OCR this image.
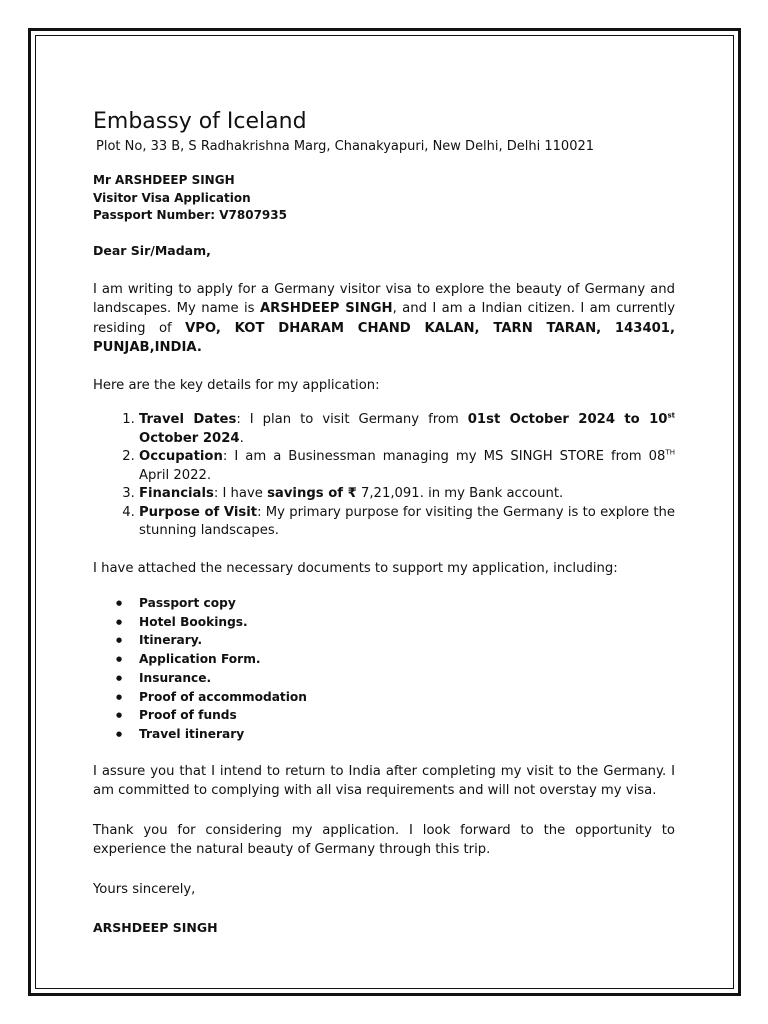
Embassy of Iceland
Plot No, 33 B, S Radhakrishna Marg, Chanakyapuri, New Delhi, Delhi 110021
Mr ARSHDEEP SINGH
Visitor Visa Application
Passport Number: V7807935
Dear Sir/Madam,

I am writing to apply for a Germany visitor visa to explore the beauty of Germany and landscapes. My name is ARSHDEEP SINGH, and I am a Indian citizen. I am currently residing of VPO, KOT DHARAM CHAND KALAN, TARN TARAN, 143401, PUNJAB,INDIA.

Here are the key details for my application:

1. Travel Dates: I plan to visit Germany from 01st October 2024 to 10st October 2024.
2. Occupation: I am a Businessman managing my MS SINGH STORE from 08TH April 2022.
3. Financials: I have savings of ₹ 7,21,091. in my Bank account.
4. Purpose of Visit: My primary purpose for visiting the Germany is to explore the stunning landscapes.

I have attached the necessary documents to support my application, including:

● Passport copy
● Hotel Bookings.
● Itinerary.
● Application Form.
● Insurance.
● Proof of accommodation
● Proof of funds
● Travel itinerary

I assure you that I intend to return to India after completing my visit to the Germany. I am committed to complying with all visa requirements and will not overstay my visa.

Thank you for considering my application. I look forward to the opportunity to experience the natural beauty of Germany through this trip.

Yours sincerely,
ARSHDEEP SINGH
